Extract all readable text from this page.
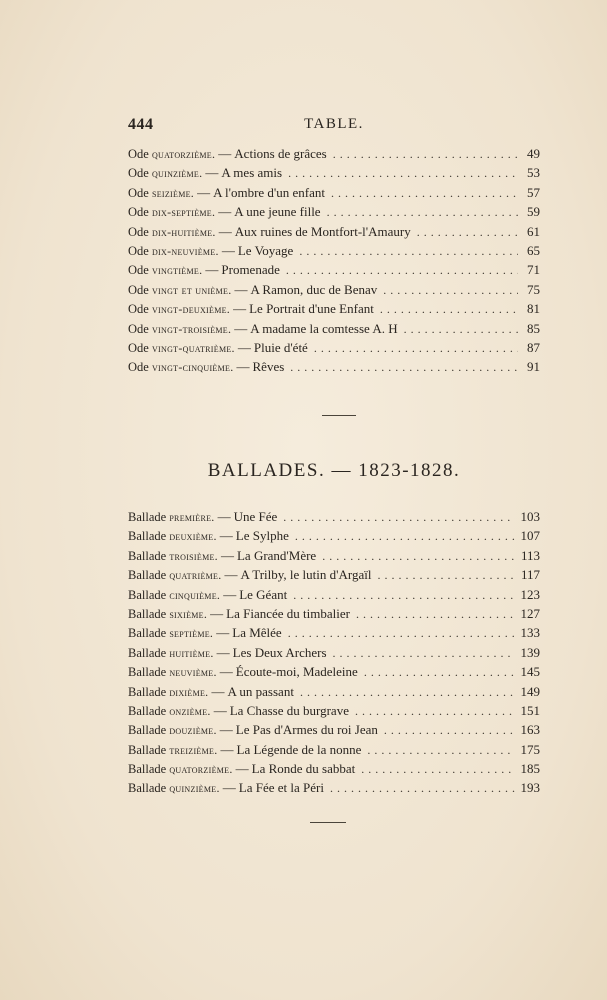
444	TABLE.
Ode quatorzième. — Actions de grâces .....	49
Ode quinzième. — A mes amis .....	53
Ode seizième. — A l'ombre d'un enfant .....	57
Ode dix-septième. — A une jeune fille .....	59
Ode dix-huitième. — Aux ruines de Montfort-l'Amaury .....	61
Ode dix-neuvième. — Le Voyage .....	65
Ode vingtième. — Promenade .....	71
Ode vingt et unième. — A Ramon, duc de Benav .....	75
Ode vingt-deuxième. — Le Portrait d'une Enfant .....	81
Ode vingt-troisième. — A madame la comtesse A. H .....	85
Ode vingt-quatrième. — Pluie d'été .....	87
Ode vingt-cinquième. — Rêves .....	91
BALLADES. — 1823-1828.
Ballade première. — Une Fée .....	103
Ballade deuxième. — Le Sylphe .....	107
Ballade troisième. — La Grand'Mère .....	113
Ballade quatrième. — A Trilby, le lutin d'Argaïl .....	117
Ballade cinquième. — Le Géant .....	123
Ballade sixième. — La Fiancée du timbalier .....	127
Ballade septième. — La Mêlée .....	133
Ballade huitième. — Les Deux Archers .....	139
Ballade neuvième. — Écoute-moi, Madeleine .....	145
Ballade dixième. — A un passant .....	149
Ballade onzième. — La Chasse du burgrave .....	151
Ballade douzième. — Le Pas d'Armes du roi Jean .....	163
Ballade treizième. — La Légende de la nonne .....	175
Ballade quatorzième. — La Ronde du sabbat .....	185
Ballade quinzième. — La Fée et la Péri .....	193
